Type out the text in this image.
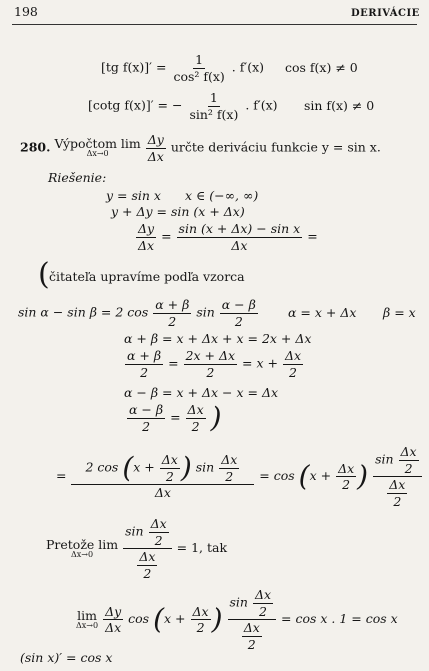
198	DERIVÁCIE
[tg $f(x)]' = \frac{1}{\text{cos² f(x)}}$ . f′(x) cos f(x) ≠ 0
[cotg f(x)]′ = − $\frac{1}{\text{sin² f(x)}}$ . f′(x) sin f(x) ≠ 0
280. Výpočtom lim
Δx→0
	$\frac{\Delta y}{\Delta x}$ určte deriváciu funkcie y = sin x.
Riešenie:
y = sin x x ∈ (−∞, ∞)
y + Δy = sin (x + Δx)
$\frac{\Delta y}{\Delta x} = \frac{\text{sin (x + Δx) − sin x}}{\Delta x}$ =
( čitateľa upravíme podľa vzorca
sin α − sin β = 2 $\cos \frac{\alpha + \beta}{2}$ $\sin \frac{\alpha - \beta}{2}$ α = x + Δx β = x
α + β = x + Δx + x = 2x + Δx
$\frac{\alpha + \beta}{2} = \frac{2x + \Delta x}{2} = x + \frac{\Delta x}{2}$
α − β = x + Δx − x = Δx
$\frac{\alpha - \beta}{2} = \frac{\Delta x}{2}$ )
= $\frac{2 \cos (x + \frac{\Delta x}{2} ) \sin \frac{\Delta x}{2}}{\Delta x} = \cos (x + \frac{\Delta x}{2}$ ) $\frac{\sin \frac{\Delta x}{2}}{\frac{\Delta x}{2}}$
Pretože lim
Δx→0
$\frac{\sin \frac{\Delta x}{2}}{\frac{\Delta x}{2}} = 1$, tak
lim
Δx→0
$\frac{\Delta y}{\Delta x}$ $\cos (x + \frac{\Delta x}{2}$ ) $\frac{\sin \frac{\Delta x}{2}}{\frac{\Delta x}{2}} = \cos x$ . 1 = cos x
(sin x)′ = cos x
